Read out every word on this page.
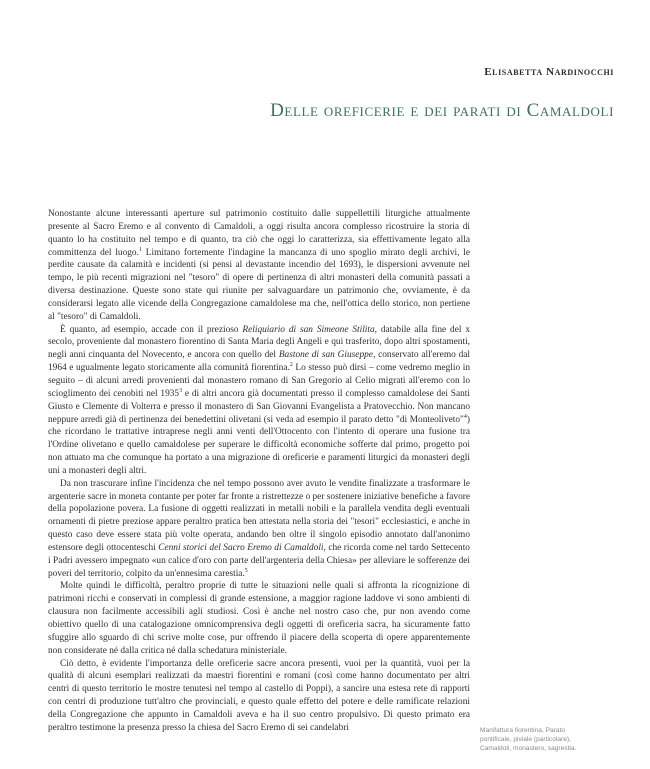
Elisabetta Nardinocchi
Delle oreficerie e dei parati di Camaldoli

Nonostante alcune interessanti aperture sul patrimonio costituito dalle suppellettili liturgiche attualmente presente al Sacro Eremo e al convento di Camaldoli, a oggi risulta ancora complesso ricostruire la storia di quanto lo ha costituito nel tempo e di quanto, tra ciò che oggi lo caratterizza, sia effettivamente legato alla committenza del luogo.$^1$ Limitano fortemente l'indagine la mancanza di uno spoglio mirato degli archivi, le perdite causate da calamità e incidenti (si pensi al devastante incendio del 1693), le dispersioni avvenute nel tempo, le più recenti migrazioni nel "tesoro" di opere di pertinenza di altri monasteri della comunità passati a diversa destinazione. Queste sono state qui riunite per salvaguardare un patrimonio che, ovviamente, è da considerarsi legato alle vicende della Congregazione camaldolese ma che, nell'ottica dello storico, non pertiene al "tesoro" di Camaldoli.

È quanto, ad esempio, accade con il prezioso Reliquiario di san Simeone Stilita, databile alla fine del x secolo, proveniente dal monastero fiorentino di Santa Maria degli Angeli e qui trasferito, dopo altri spostamenti, negli anni cinquanta del Novecento, e ancora con quello del Bastone di san Giuseppe, conservato all'eremo dal 1964 e ugualmente legato storicamente alla comunità fiorentina.$^2$ Lo stesso può dirsi – come vedremo meglio in seguito – di alcuni arredi provenienti dal monastero romano di San Gregorio al Celio migrati all'eremo con lo scioglimento dei cenobiti nel 1935$^3$ e di altri ancora già documentati presso il complesso camaldolese dei Santi Giusto e Clemente di Volterra e presso il monastero di San Giovanni Evangelista a Pratovecchio. Non mancano neppure arredi già di pertinenza dei benedettini olivetani (si veda ad esempio il parato detto "di Monteoliveto"$^4$) che ricordano le trattative intraprese negli anni venti dell'Ottocento con l'intento di operare una fusione tra l'Ordine olivetano e quello camaldolese per superare le difficoltà economiche sofferte dal primo, progetto poi non attuato ma che comunque ha portato a una migrazione di oreficerie e paramenti liturgici da monasteri degli uni a monasteri degli altri.

Da non trascurare infine l'incidenza che nel tempo possono aver avuto le vendite finalizzate a trasformare le argenterie sacre in moneta contante per poter far fronte a ristrettezze o per sostenere iniziative benefiche a favore della popolazione povera. La fusione di oggetti realizzati in metalli nobili e la parallela vendita degli eventuali ornamenti di pietre preziose appare peraltro pratica ben attestata nella storia dei "tesori" ecclesiastici, e anche in questo caso deve essere stata più volte operata, andando ben oltre il singolo episodio annotato dall'anonimo estensore degli ottocenteschi Cenni storici del Sacro Eremo di Camaldoli, che ricorda come nel tardo Settecento i Padri avessero impegnato «un calice d'oro con parte dell'argenteria della Chiesa» per alleviare le sofferenze dei poveri del territorio, colpito da un'ennesima carestia.$^5$

Molte quindi le difficoltà, peraltro proprie di tutte le situazioni nelle quali si affronta la ricognizione di patrimoni ricchi e conservati in complessi di grande estensione, a maggior ragione laddove vi sono ambienti di clausura non facilmente accessibili agli studiosi. Così è anche nel nostro caso che, pur non avendo come obiettivo quello di una catalogazione omnicomprensiva degli oggetti di oreficeria sacra, ha sicuramente fatto sfuggire allo sguardo di chi scrive molte cose, pur offrendo il piacere della scoperta di opere apparentemente non considerate né dalla critica né dalla schedatura ministeriale.

Ciò detto, è evidente l'importanza delle oreficerie sacre ancora presenti, vuoi per la quantità, vuoi per la qualità di alcuni esemplari realizzati da maestri fiorentini e romani (così come hanno documentato per altri centri di questo territorio le mostre tenutesi nel tempo al castello di Poppi), a sancire una estesa rete di rapporti con centri di produzione tutt'altro che provinciali, e questo quale effetto del potere e delle ramificate relazioni della Congregazione che appunto in Camaldoli aveva e ha il suo centro propulsivo. Di questo primato era peraltro testimone la presenza presso la chiesa del Sacro Eremo di sei candelabri	Manifattura fiorentina, Parato
pontificale, piviale (particolare),
Camaldoli, monastero, sagrestia.
